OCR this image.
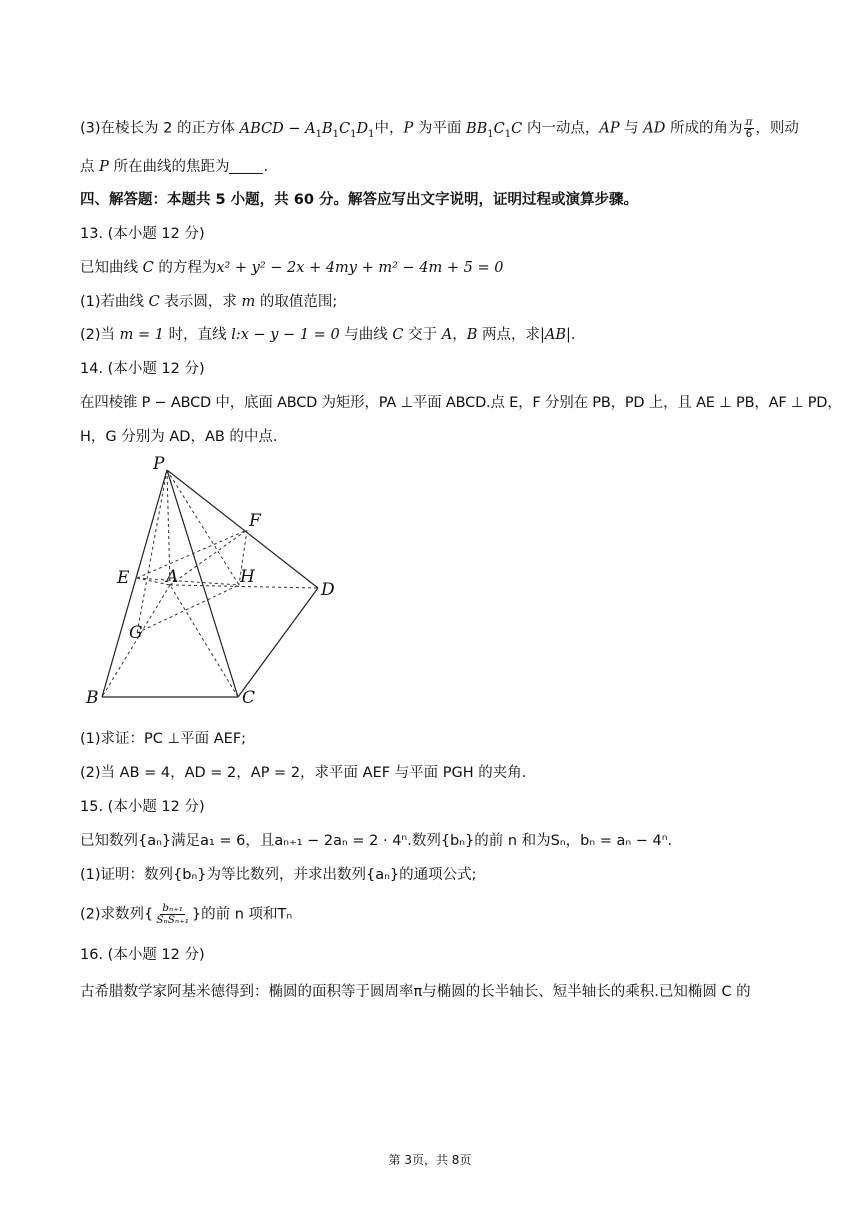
(3)在棱长为 2 的正方体 ABCD − $A_1B_1C_1D_1$中，P 为平面 $BB_1C_1C$ 内一动点，AP 与 AD 所成的角为 $\frac{\pi}{6}$ ，则动
点 P 所在曲线的焦距为 .
四、解答题：本题共 5 小题，共 60 分。解答应写出文字说明，证明过程或演算步骤。
13. (本小题 12 分)
已知曲线 C 的方程为x² + y² − 2x + 4my + m² − 4m + 5 = 0
(1)若曲线 C 表示圆，求 m 的取值范围;
(2)当 m = 1 时，直线 l:x − y − 1 = 0 与曲线 C 交于 A，B 两点，求|AB|.
14. (本小题 12 分)
在四棱锥 P − ABCD 中，底面 ABCD 为矩形，PA ⊥平面 ABCD.点 E，F 分别在 PB，PD 上，且 AE ⊥ PB，AF ⊥ PD，
H，G 分别为 AD，AB 的中点.
P
F
E A	H
D
G
B	C
(1)求证：PC ⊥平面 AEF;
(2)当 AB = 4，AD = 2，AP = 2，求平面 AEF 与平面 PGH 的夹角.
15. (本小题 12 分)
已知数列{aₙ}满足a₁ = 6，且aₙ₊₁ − 2aₙ = 2 · 4ⁿ.数列{bₙ}的前 n 和为Sₙ，bₙ = aₙ − 4ⁿ.
(1)证明：数列{bₙ}为等比数列，并求出数列{aₙ}的通项公式;
(2)求数列{ $\frac{\text{bₙ₊₁}}{\text{SₙSₙ₊₁}}$ }的前 n 项和Tₙ
16. (本小题 12 分)
古希腊数学家阿基米德得到：椭圆的面积等于圆周率π与椭圆的长半轴长、短半轴长的乘积.已知椭圆 C 的
第 3页，共 8页
